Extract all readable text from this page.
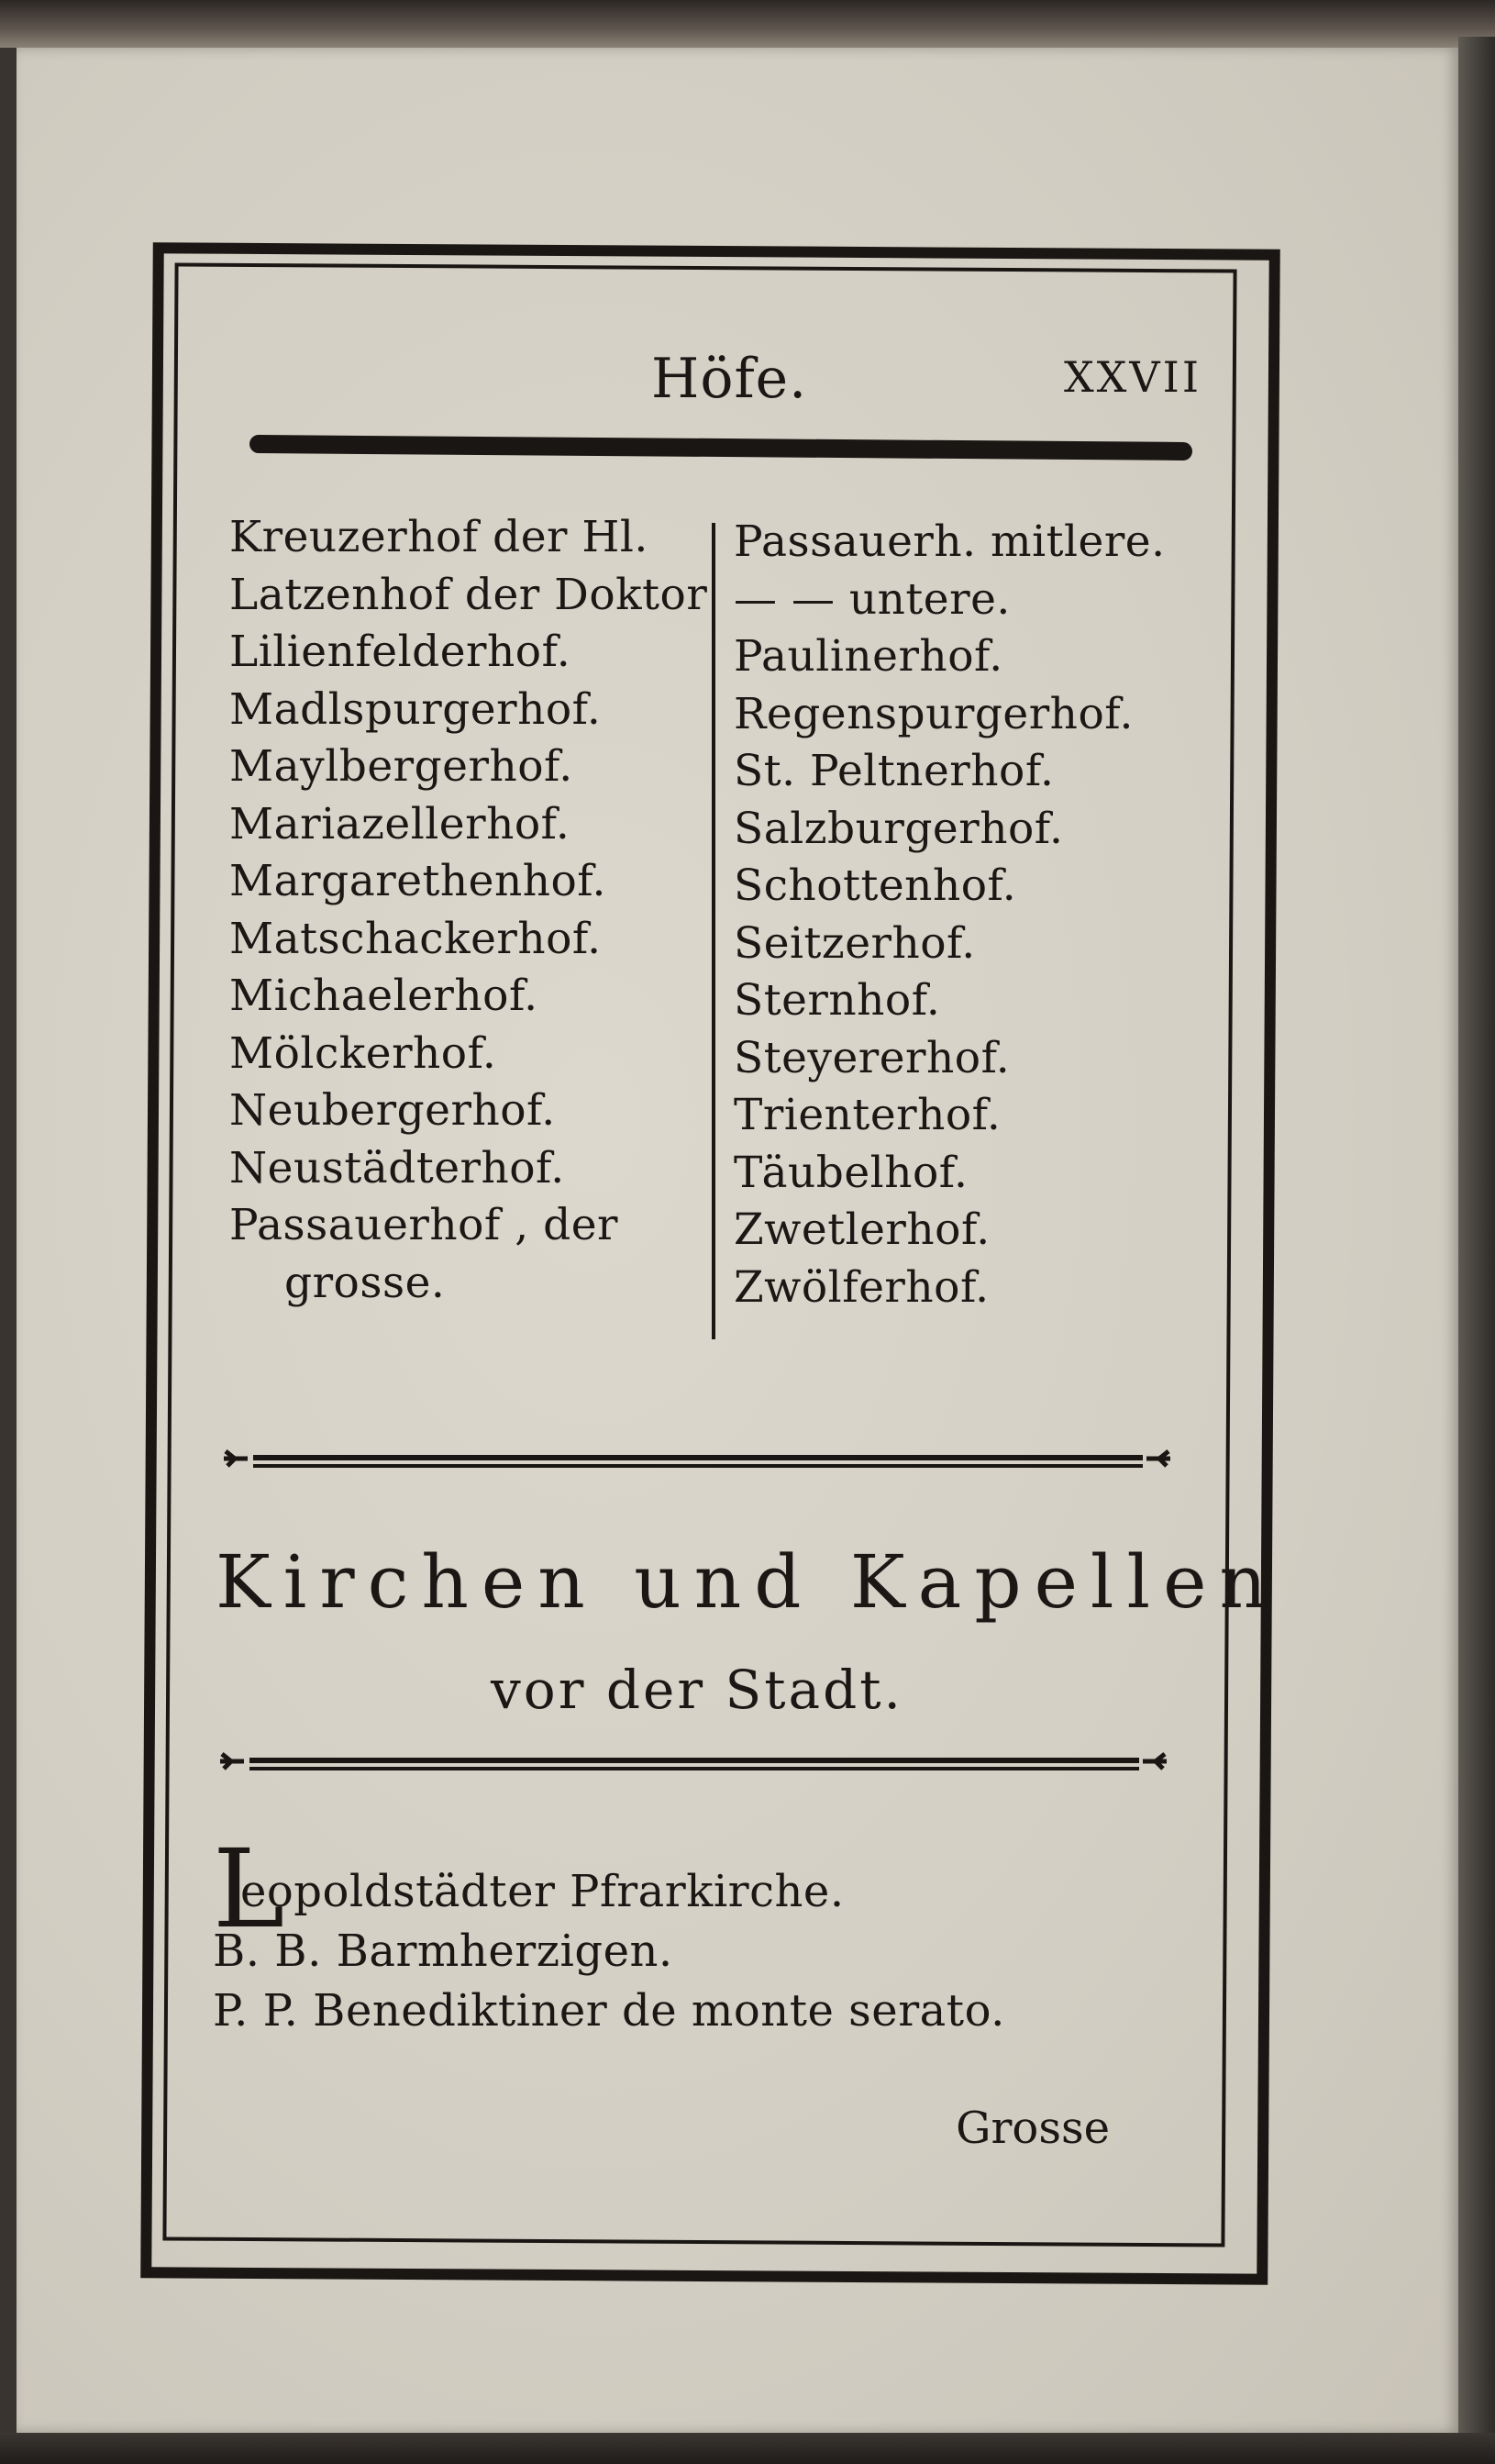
Höfe.	XXVII
Kreuzerhof der Hl.
Latzenhof der Doktor
Lilienfelderhof.
Madlspurgerhof.
Maylbergerhof.
Mariazellerhof.
Margarethenhof.
Matschackerhof.
Michaelerhof.
Mölckerhof.
Neubergerhof.
Neustädterhof.
Passauerhof , der
grosse.
Passauerh. mitlere.
— — untere.
Paulinerhof.
Regenspurgerhof.
St. Peltnerhof.
Salzburgerhof.
Schottenhof.
Seitzerhof.
Sternhof.
Steyererhof.
Trienterhof.
Täubelhof.
Zwetlerhof.
Zwölferhof.
Kirchen und Kapellen
vor der Stadt.
L
eopoldstädter Pfrarkirche.
B. B. Barmherzigen.
P. P. Benediktiner de monte serato.
Grosse
